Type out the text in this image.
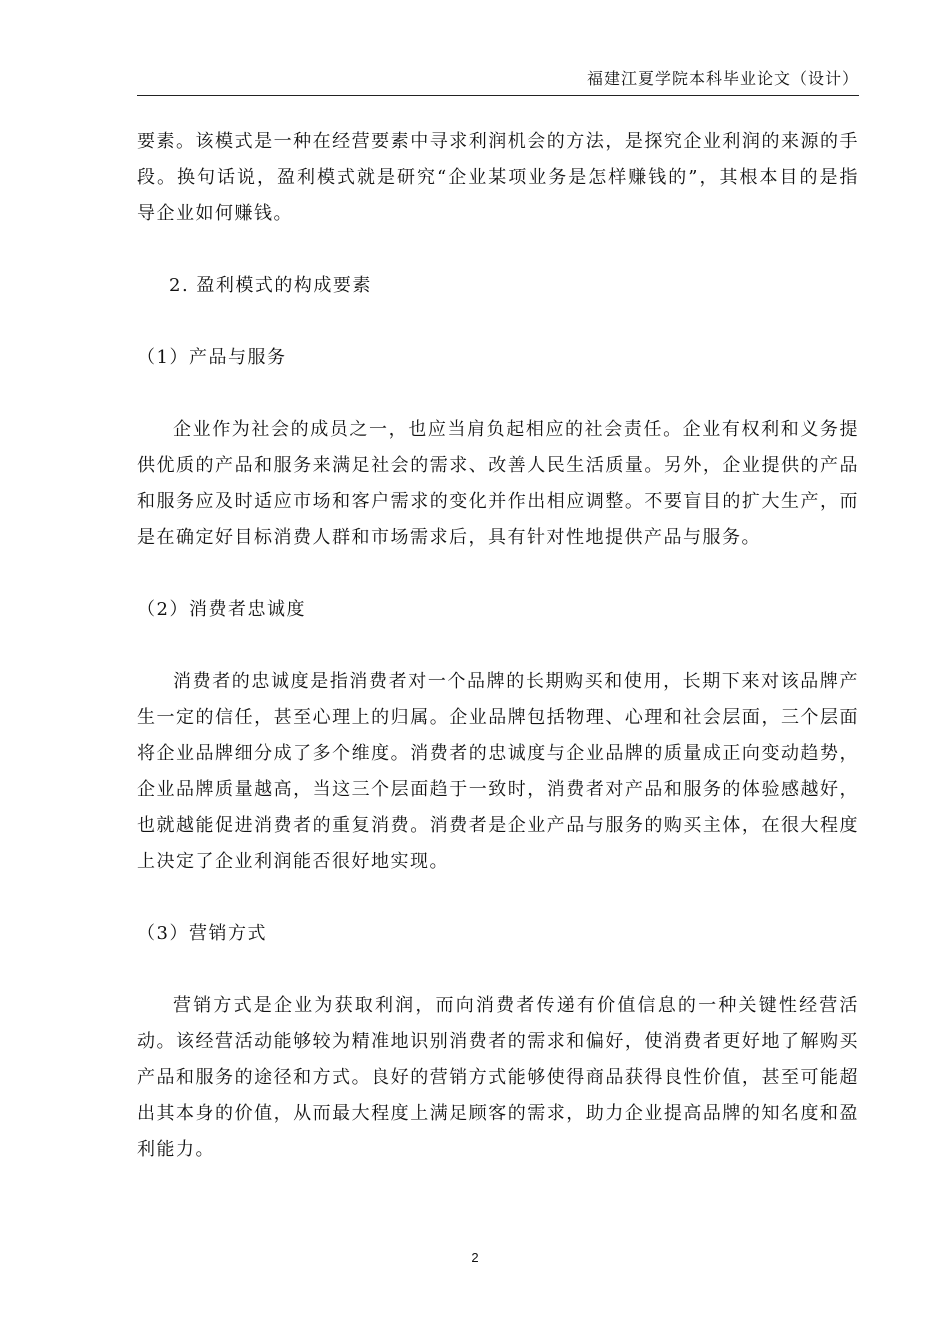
福建江夏学院本科毕业论文（设计）

要素。该模式是一种在经营要素中寻求利润机会的方法，是探究企业利润的来源的手段。换句话说，盈利模式就是研究“企业某项业务是怎样赚钱的”，其根本目的是指导企业如何赚钱。

2. 盈利模式的构成要素

（1）产品与服务

企业作为社会的成员之一，也应当肩负起相应的社会责任。企业有权利和义务提供优质的产品和服务来满足社会的需求、改善人民生活质量。另外，企业提供的产品和服务应及时适应市场和客户需求的变化并作出相应调整。不要盲目的扩大生产，而是在确定好目标消费人群和市场需求后，具有针对性地提供产品与服务。

（2）消费者忠诚度

消费者的忠诚度是指消费者对一个品牌的长期购买和使用，长期下来对该品牌产生一定的信任，甚至心理上的归属。企业品牌包括物理、心理和社会层面，三个层面将企业品牌细分成了多个维度。消费者的忠诚度与企业品牌的质量成正向变动趋势，企业品牌质量越高，当这三个层面趋于一致时，消费者对产品和服务的体验感越好，也就越能促进消费者的重复消费。消费者是企业产品与服务的购买主体，在很大程度上决定了企业利润能否很好地实现。

（3）营销方式

营销方式是企业为获取利润，而向消费者传递有价值信息的一种关键性经营活动。该经营活动能够较为精准地识别消费者的需求和偏好，使消费者更好地了解购买产品和服务的途径和方式。良好的营销方式能够使得商品获得良性价值，甚至可能超出其本身的价值，从而最大程度上满足顾客的需求，助力企业提高品牌的知名度和盈利能力。

2
